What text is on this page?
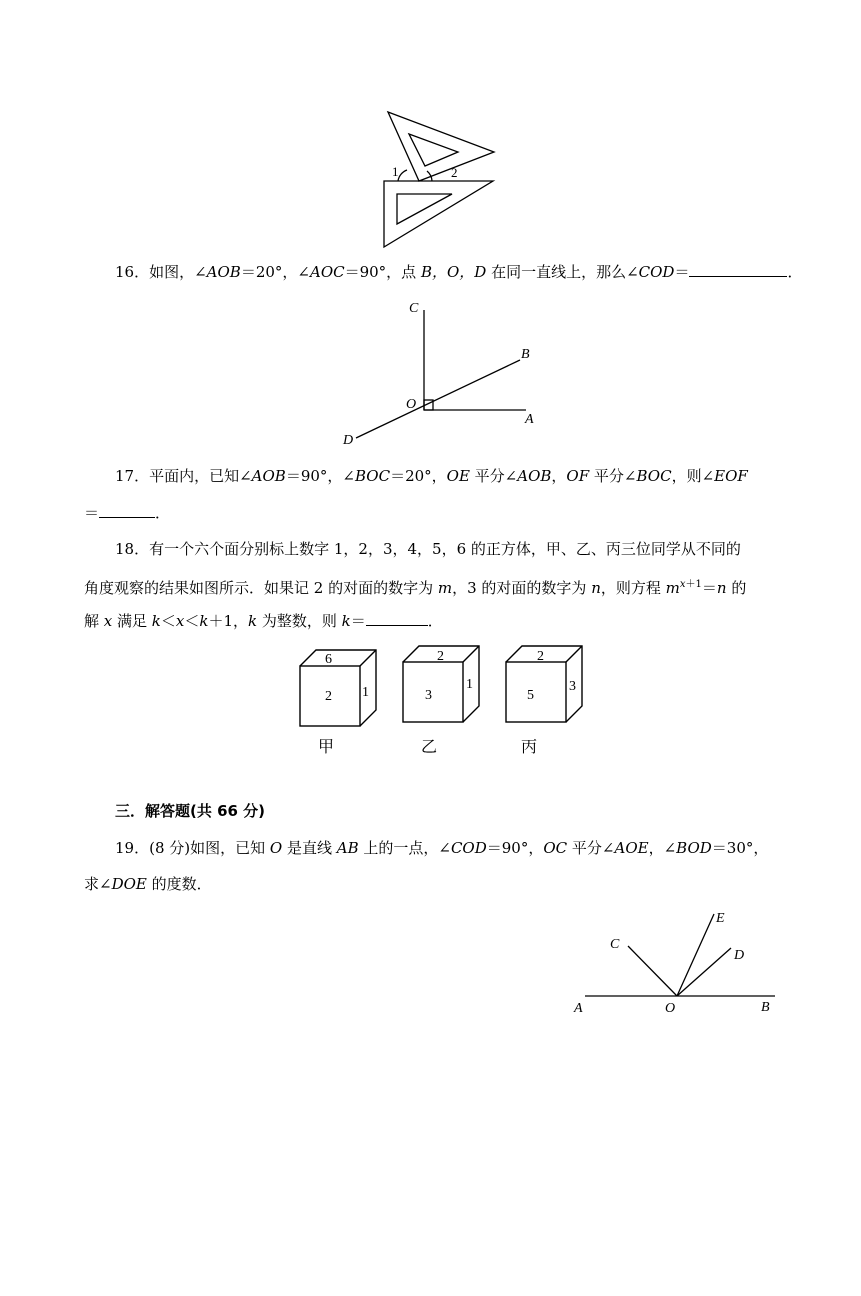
1	2
16．如图，∠AOB＝20°，∠AOC＝90°，点 B，O，D 在同一直线上，那么∠COD＝	．
C
B
O
A
D
17．平面内，已知∠AOB＝90°，∠BOC＝20°，OE 平分∠AOB，OF 平分∠BOC，则∠EOF
＝	．
18．有一个六个面分别标上数字 1，2，3，4，5，6 的正方体，甲、乙、丙三位同学从不同的
角度观察的结果如图所示．如果记 2 的对面的数字为 m，3 的对面的数字为 n，则方程 $m^{x+1}=n$ 的
解 x 满足 k＜x＜k＋1，k 为整数，则 k＝	．
6
2 1
甲
2
3
1
乙
2
5
3
丙
三．解答题(共 66 分)
19．(8 分)如图，已知 O 是直线 AB 上的一点，∠COD＝90°，OC 平分∠AOE，∠BOD＝30°，
求∠DOE 的度数．
C
E
D
A	O	B
